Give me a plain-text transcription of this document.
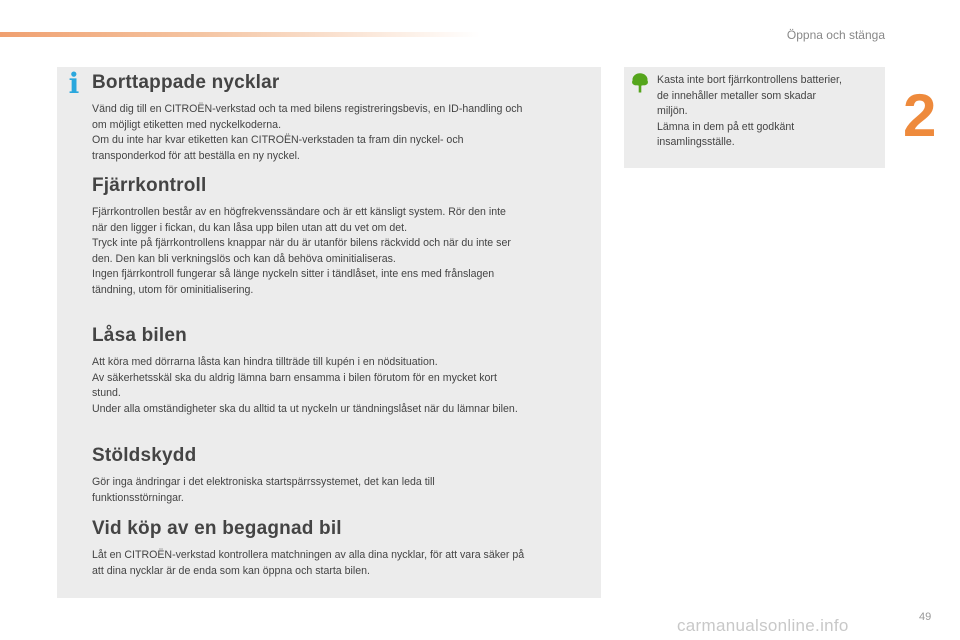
Öppna och stänga
2
i Borttappade nycklar

Vänd dig till en CITROËN-verkstad och ta med bilens registreringsbevis, en ID-handling och

om möjligt etiketten med nyckelkoderna.

Om du inte har kvar etiketten kan CITROËN-verkstaden ta fram din nyckel- och

transponderkod för att beställa en ny nyckel.

Fjärrkontroll

Fjärrkontrollen består av en högfrekvenssändare och är ett känsligt system. Rör den inte

när den ligger i fickan, du kan låsa upp bilen utan att du vet om det.

Tryck inte på fjärrkontrollens knappar när du är utanför bilens räckvidd och när du inte ser

den. Den kan bli verkningslös och kan då behöva ominitialiseras.

Ingen fjärrkontroll fungerar så länge nyckeln sitter i tändlåset, inte ens med frånslagen

tändning, utom för ominitialisering.

Låsa bilen

Att köra med dörrarna låsta kan hindra tillträde till kupén i en nödsituation.

Av säkerhetsskäl ska du aldrig lämna barn ensamma i bilen förutom för en mycket kort

stund.

Under alla omständigheter ska du alltid ta ut nyckeln ur tändningslåset när du lämnar bilen.

Stöldskydd

Gör inga ändringar i det elektroniska startspärrssystemet, det kan leda till

funktionsstörningar.

Vid köp av en begagnad bil

Låt en CITROËN-verkstad kontrollera matchningen av alla dina nycklar, för att vara säker på

att dina nycklar är de enda som kan öppna och starta bilen.

Kasta inte bort fjärrkontrollens batterier,

de innehåller metaller som skadar

miljön.

Lämna in dem på ett godkänt

insamlingsställe.

carmanualsonline.info	49
